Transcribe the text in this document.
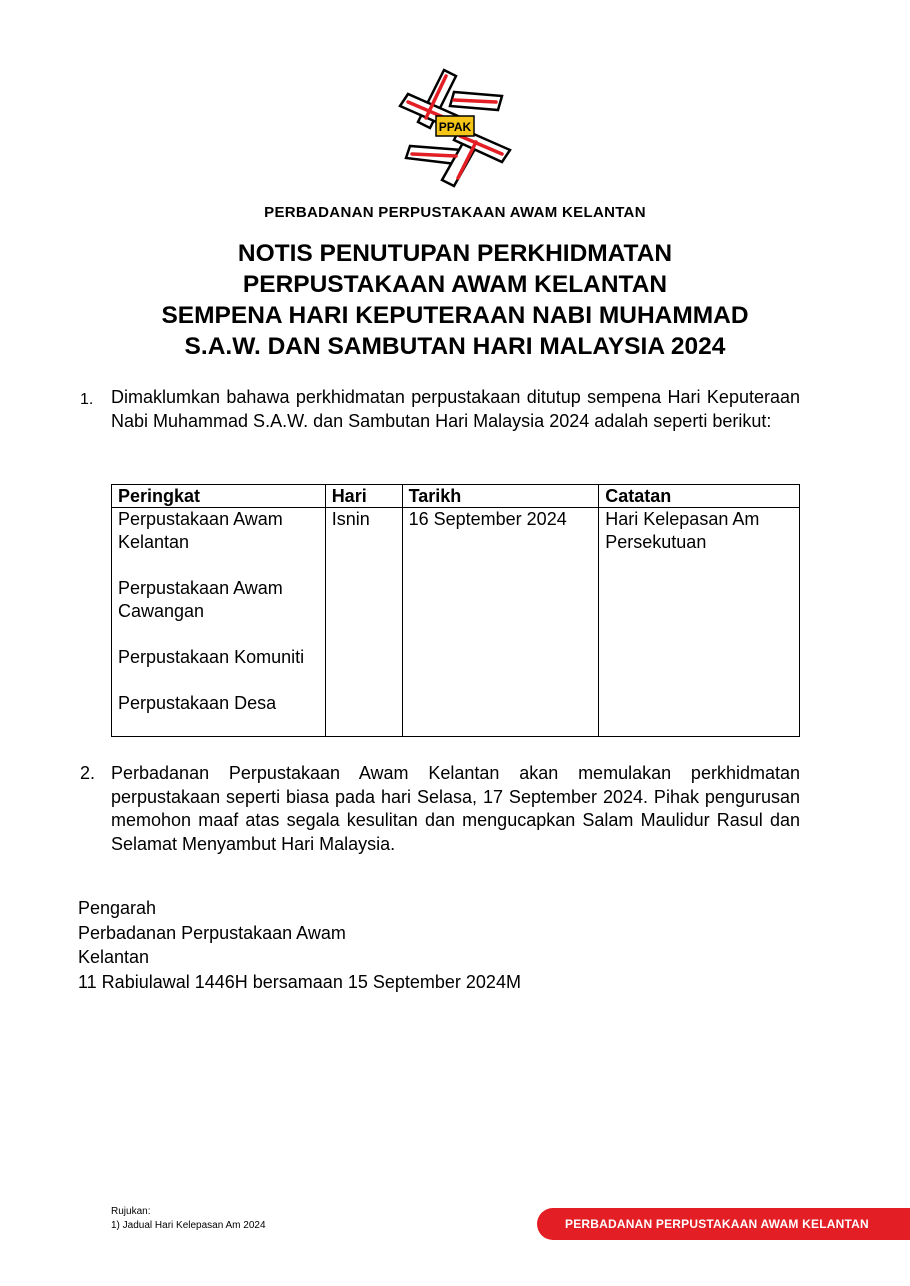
PPAK
PERBADANAN PERPUSTAKAAN AWAM KELANTAN
NOTIS PENUTUPAN PERKHIDMATAN
PERPUSTAKAAN AWAM KELANTAN
SEMPENA HARI KEPUTERAAN NABI MUHAMMAD
S.A.W. DAN SAMBUTAN HARI MALAYSIA 2024
1. Dimaklumkan bahawa perkhidmatan perpustakaan ditutup sempena Hari Keputeraan Nabi Muhammad S.A.W. dan Sambutan Hari Malaysia 2024 adalah seperti berikut:
Peringkat	Hari	Tarikh	Catatan

Perpustakaan Awam Kelantan
Perpustakaan Awam Cawangan
Perpustakaan Komuniti
Perpustakaan Desa	Isnin	16 September 2024	Hari Kelepasan Am Persekutuan
2. Perbadanan Perpustakaan Awam Kelantan akan memulakan perkhidmatan perpustakaan seperti biasa pada hari Selasa, 17 September 2024. Pihak pengurusan memohon maaf atas segala kesulitan dan mengucapkan Salam Maulidur Rasul dan Selamat Menyambut Hari Malaysia.
Pengarah
Perbadanan Perpustakaan Awam
Kelantan
11 Rabiulawal 1446H bersamaan 15 September 2024M
Rujukan:
1) Jadual Hari Kelepasan Am 2024	PERBADANAN PERPUSTAKAAN AWAM KELANTAN
